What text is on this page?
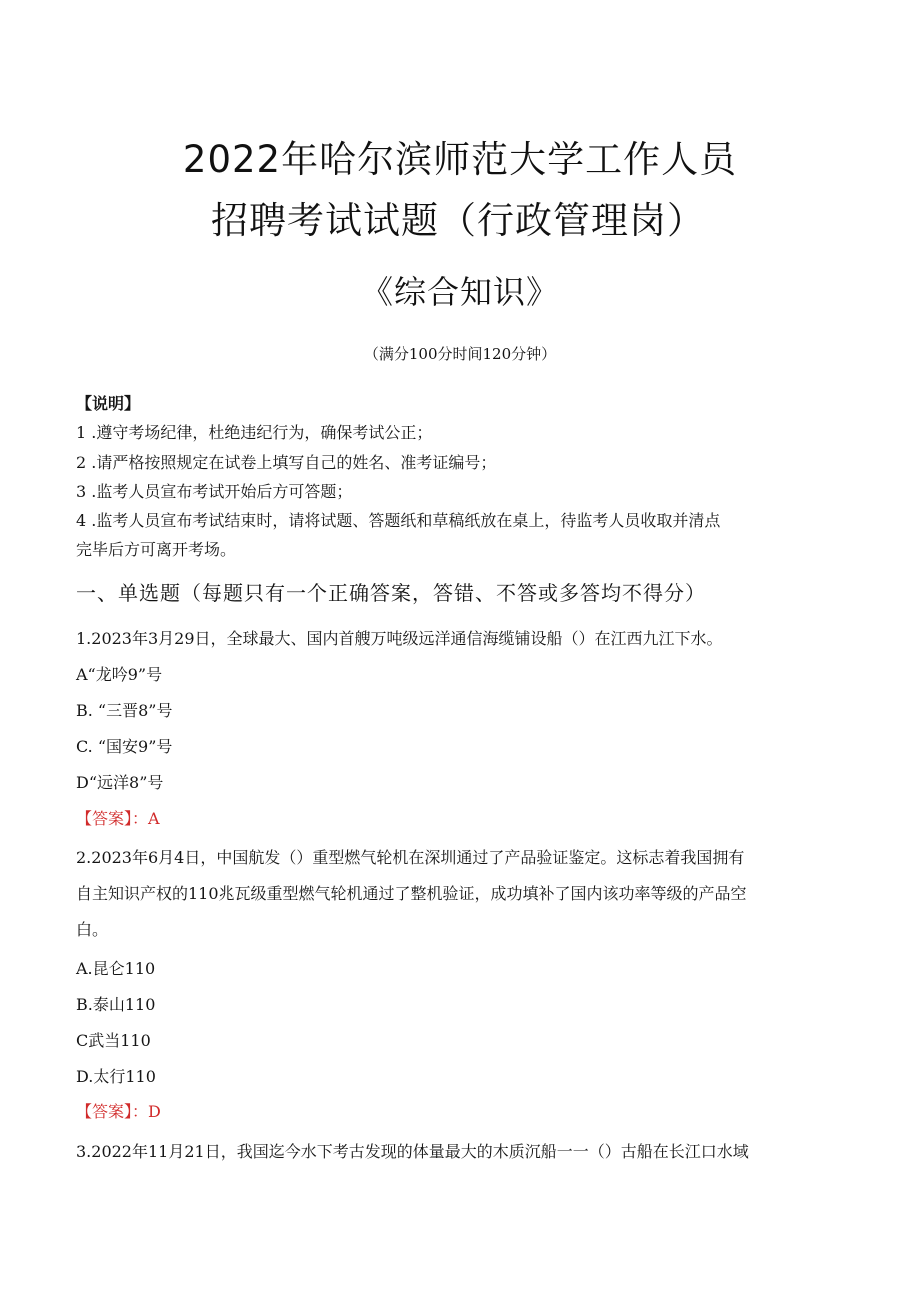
2022年哈尔滨师范大学工作人员
招聘考试试题（行政管理岗）
《综合知识》
（满分100分时间120分钟）
【说明】
1 .遵守考场纪律，杜绝违纪行为，确保考试公正；
2 .请严格按照规定在试卷上填写自己的姓名、准考证编号；
3 .监考人员宣布考试开始后方可答题；
4 .监考人员宣布考试结束时，请将试题、答题纸和草稿纸放在桌上，待监考人员收取并清点
完毕后方可离开考场。
一、单选题（每题只有一个正确答案，答错、不答或多答均不得分）
1.2023年3月29日，全球最大、国内首艘万吨级远洋通信海缆铺设船（）在江西九江下水。
A“龙吟9”号
B. “三晋8”号
C. “国安9”号
D“远洋8”号
【答案】：A
2.2023年6月4日，中国航发（）重型燃气轮机在深圳通过了产品验证鉴定。这标志着我国拥有
自主知识产权的110兆瓦级重型燃气轮机通过了整机验证，成功填补了国内该功率等级的产品空
白。
A.昆仑110
B.泰山110
C武当110
D.太行110
【答案】：D
3.2022年11月21日，我国迄今水下考古发现的体量最大的木质沉船一一（）古船在长江口水域
